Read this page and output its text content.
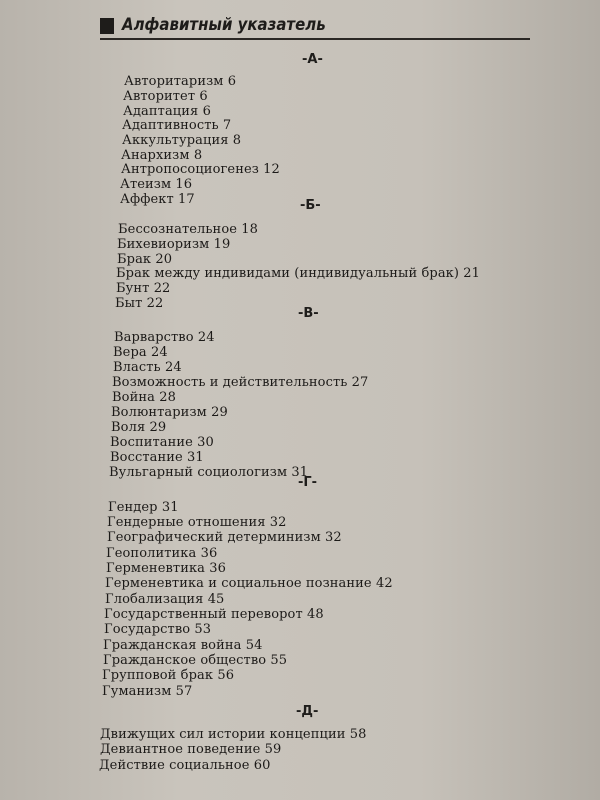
Алфавитный указатель
-А-
Авторитаризм 6
Авторитет 6
Адаптация 6
Адаптивность 7
Аккультурация 8
Анархизм 8
Антропосоциогенез 12
Атеизм 16
Аффект 17	-Б-
Бессознательное 18
Бихевиоризм 19
Брак 20
Брак между индивидами (индивидуальный брак) 21
Бунт 22
Быт 22
-В-
Варварство 24
Вера 24
Власть 24
Возможность и действительность 27
Война 28
Волюнтаризм 29
Воля 29
Воспитание 30
Восстание 31
Вульгарный социологизм 31
-Г-
Гендер 31
Гендерные отношения 32
Географический детерминизм 32
Геополитика 36
Герменевтика 36
Герменевтика и социальное познание 42
Глобализация 45
Государственный переворот 48
Государство 53
Гражданская война 54
Гражданское общество 55
Групповой брак 56
Гуманизм 57
-Д-
Движущих сил истории концепции 58
Девиантное поведение 59
Действие социальное 60
